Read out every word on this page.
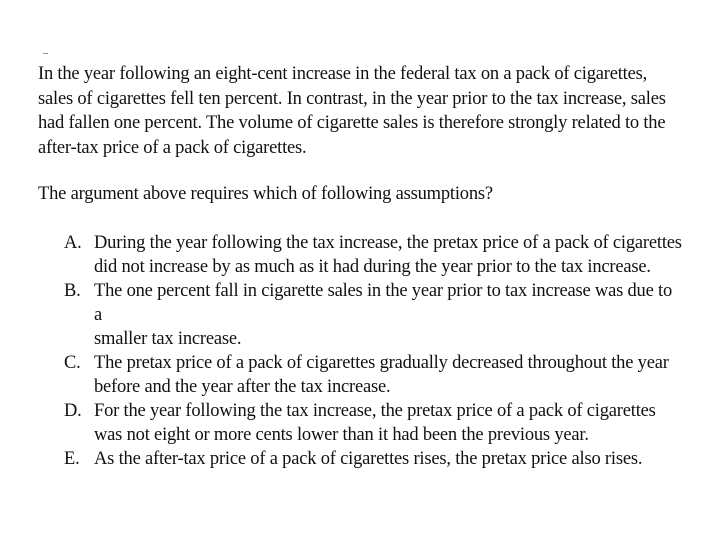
In the year following an eight-cent increase in the federal tax on a pack of cigarettes,
sales of cigarettes fell ten percent. In contrast, in the year prior to the tax increase, sales
had fallen one percent. The volume of cigarette sales is therefore strongly related to the
after-tax price of a pack of cigarettes.

The argument above requires which of following assumptions?

A. During the year following the tax increase, the pretax price of a pack of cigarettes
did not increase by as much as it had during the year prior to the tax increase.
B. The one percent fall in cigarette sales in the year prior to tax increase was due to a
smaller tax increase.
C. The pretax price of a pack of cigarettes gradually decreased throughout the year
before and the year after the tax increase.
D. For the year following the tax increase, the pretax price of a pack of cigarettes
was not eight or more cents lower than it had been the previous year.
E. As the after-tax price of a pack of cigarettes rises, the pretax price also rises.
